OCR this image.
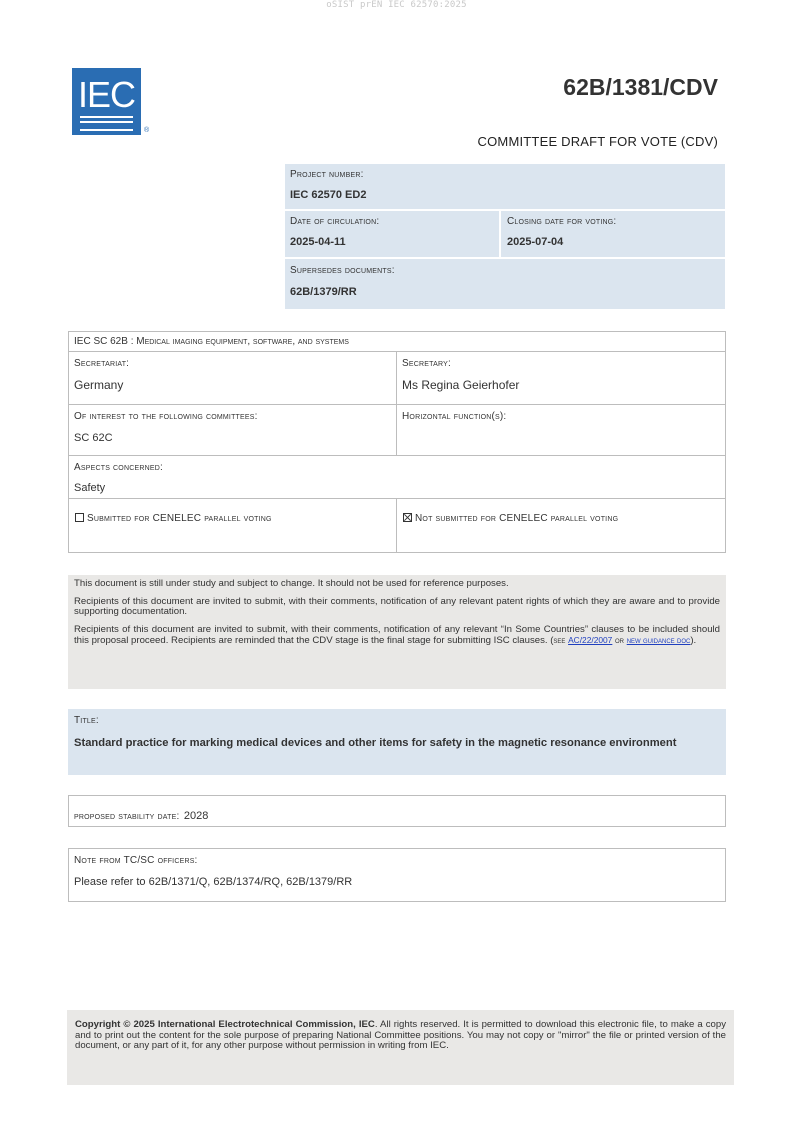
oSIST prEN IEC 62570:2025
IEC
®
62B/1381/CDV
COMMITTEE DRAFT FOR VOTE (CDV)
Project number:
IEC 62570 ED2
Date of circulation:
2025-04-11
Closing date for voting:
2025-07-04
Supersedes documents:
62B/1379/RR
IEC SC 62B : Medical imaging equipment, software, and systems
Secretariat:
Germany
Secretary:
Ms Regina Geierhofer
Of interest to the following committees:
SC 62C
Horizontal function(s):
Aspects concerned:
Safety
Submitted for CENELEC parallel voting	Not submitted for CENELEC parallel voting

This document is still under study and subject to change. It should not be used for reference purposes.

Recipients of this document are invited to submit, with their comments, notification of any relevant patent rights of which they are aware and to provide supporting documentation.

Recipients of this document are invited to submit, with their comments, notification of any relevant “In Some Countries” clauses to be included should this proposal proceed. Recipients are reminded that the CDV stage is the final stage for submitting ISC clauses. (see AC/22/2007 or new guidance doc).

Title:
Standard practice for marking medical devices and other items for safety in the magnetic resonance environment
proposed stability date: 2028
Note from TC/SC officers:
Please refer to 62B/1371/Q, 62B/1374/RQ, 62B/1379/RR
Copyright © 2025 International Electrotechnical Commission, IEC. All rights reserved. It is permitted to download this electronic file, to make a copy and to print out the content for the sole purpose of preparing National Committee positions. You may not copy or "mirror" the file or printed version of the document, or any part of it, for any other purpose without permission in writing from IEC.
